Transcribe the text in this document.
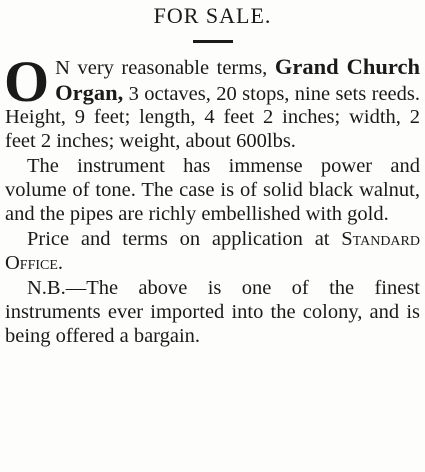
FOR SALE.

O N very reasonable terms, Grand Church Organ, 3 octaves, 20 stops, nine sets reeds. Height, 9 feet; length, 4 feet 2 inches; width, 2 feet 2 inches; weight, about 600lbs.

The instrument has immense power and volume of tone. The case is of solid black walnut, and the pipes are richly embellished with gold.

Price and terms on application at Standard Office.

N.B.—The above is one of the finest instruments ever imported into the colony, and is being offered a bargain.
